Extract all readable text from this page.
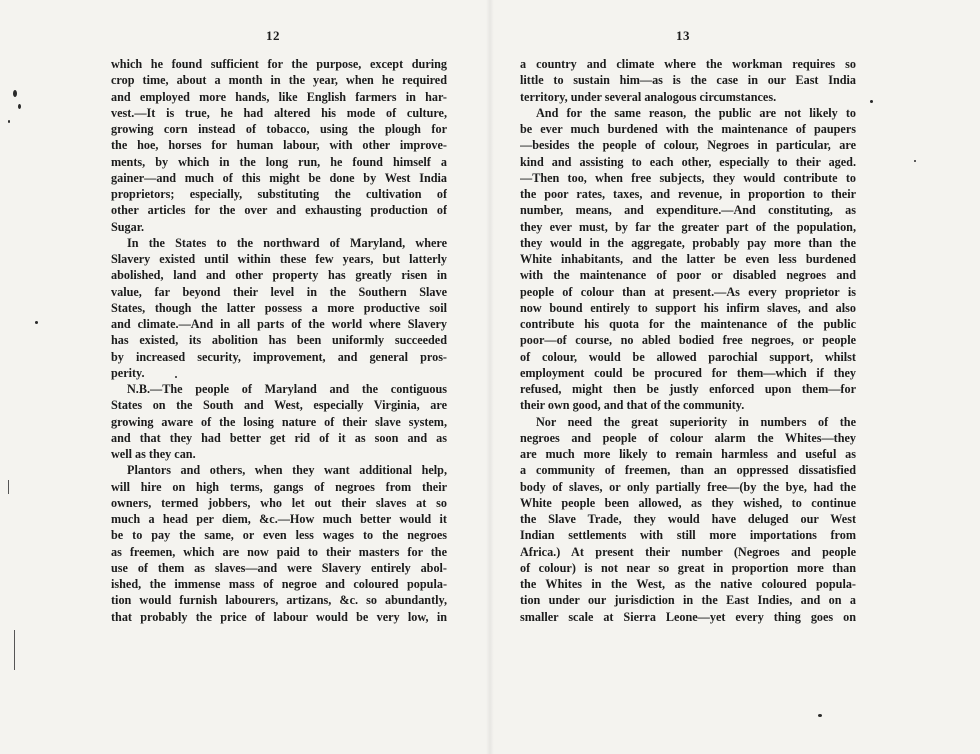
12
which he found sufficient for the purpose, except during
crop time, about a month in the year, when he required
and employed more hands, like English farmers in har-
vest.—It is true, he had altered his mode of culture,
growing corn instead of tobacco, using the plough for
the hoe, horses for human labour, with other improve-
ments, by which in the long run, he found himself a
gainer—and much of this might be done by West India
proprietors; especially, substituting the cultivation of
other articles for the over and exhausting production of
Sugar.
In the States to the northward of Maryland, where
Slavery existed until within these few years, but latterly
abolished, land and other property has greatly risen in
value, far beyond their level in the Southern Slave
States, though the latter possess a more productive soil
and climate.—And in all parts of the world where Slavery
has existed, its abolition has been uniformly succeeded
by increased security, improvement, and general pros-
perity.
N.B.—The people of Maryland and the contiguous
States on the South and West, especially Virginia, are
growing aware of the losing nature of their slave system,
and that they had better get rid of it as soon and as
well as they can.
Plantors and others, when they want additional help,
will hire on high terms, gangs of negroes from their
owners, termed jobbers, who let out their slaves at so
much a head per diem, &c.—How much better would it
be to pay the same, or even less wages to the negroes
as freemen, which are now paid to their masters for the
use of them as slaves—and were Slavery entirely abol-
ished, the immense mass of negroe and coloured popula-
tion would furnish labourers, artizans, &c. so abundantly,
that probably the price of labour would be very low, in
13
a country and climate where the workman requires so
little to sustain him—as is the case in our East India
territory, under several analogous circumstances.
And for the same reason, the public are not likely to
be ever much burdened with the maintenance of paupers
—besides the people of colour, Negroes in particular, are
kind and assisting to each other, especially to their aged.
—Then too, when free subjects, they would contribute to
the poor rates, taxes, and revenue, in proportion to their
number, means, and expenditure.—And constituting, as
they ever must, by far the greater part of the population,
they would in the aggregate, probably pay more than the
White inhabitants, and the latter be even less burdened
with the maintenance of poor or disabled negroes and
people of colour than at present.—As every proprietor is
now bound entirely to support his infirm slaves, and also
contribute his quota for the maintenance of the public
poor—of course, no abled bodied free negroes, or people
of colour, would be allowed parochial support, whilst
employment could be procured for them—which if they
refused, might then be justly enforced upon them—for
their own good, and that of the community.
Nor need the great superiority in numbers of the
negroes and people of colour alarm the Whites—they
are much more likely to remain harmless and useful as
a community of freemen, than an oppressed dissatisfied
body of slaves, or only partially free—(by the bye, had the
White people been allowed, as they wished, to continue
the Slave Trade, they would have deluged our West
Indian settlements with still more importations from
Africa.) At present their number (Negroes and people
of colour) is not near so great in proportion more than
the Whites in the West, as the native coloured popula-
tion under our jurisdiction in the East Indies, and on a
smaller scale at Sierra Leone—yet every thing goes on
